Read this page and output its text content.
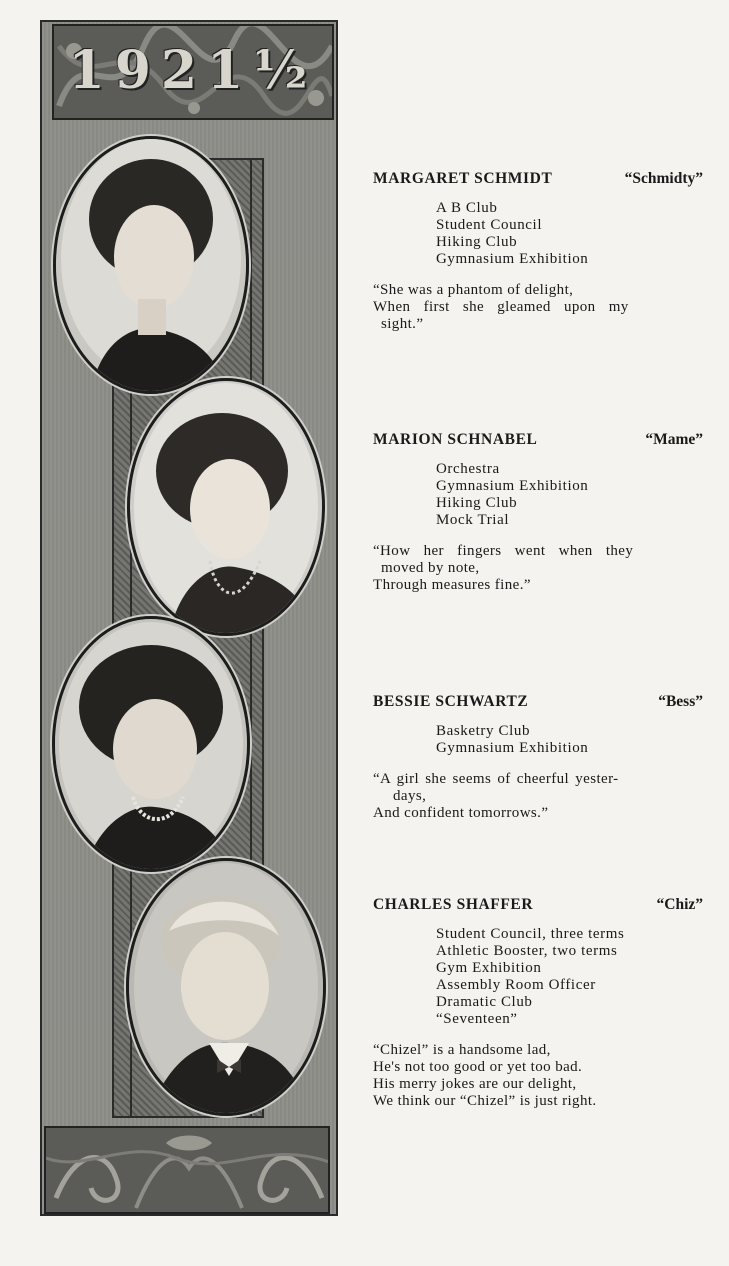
1921½
MARGARET SCHMIDT	“Schmidty”
A B Club
Student Council
Hiking Club
Gymnasium Exhibition
“She was a phantom of delight,
When first she gleamed upon my
sight.”
MARION SCHNABEL	“Mame”
Orchestra
Gymnasium Exhibition
Hiking Club
Mock Trial
“How her fingers went when they
moved by note,
Through measures fine.”
BESSIE SCHWARTZ	“Bess”
Basketry Club
Gymnasium Exhibition
“A girl she seems of cheerful yester-
days,
And confident tomorrows.”
CHARLES SHAFFER	“Chiz”
Student Council, three terms
Athletic Booster, two terms
Gym Exhibition
Assembly Room Officer
Dramatic Club
“Seventeen”
“Chizel” is a handsome lad,
He's not too good or yet too bad.
His merry jokes are our delight,
We think our “Chizel” is just right.
